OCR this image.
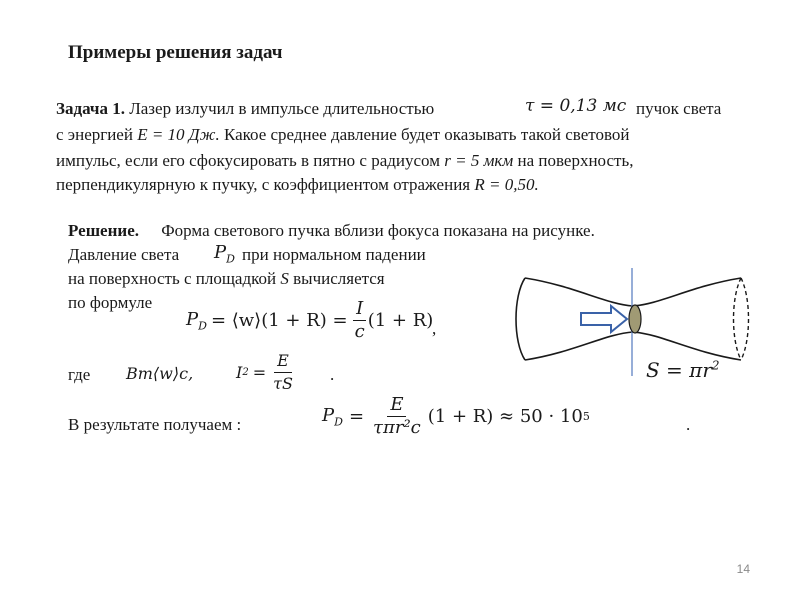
Примеры решения задач
Задача 1. Лазер излучил в импульсе длительностью	τ = 0,13 мс пучок света
с энергией E = 10 Дж. Какое среднее давление будет оказывать такой световой
импульс, если его сфокусировать в пятно с радиусом r = 5 мкм на поверхность,
перпендикулярную к пучку, с коэффициентом отражения R = 0,50.
Решение. Форма светового пучка вблизи фокуса показана на рисунке.
Давление света $P_D$ при нормальном падении
на поверхность с площадкой S вычисляется
по формуле
$P_D$ = ⟨w⟩(1 + $R) = \frac{I}{c} (1 + R)$
,
где Bm⟨w⟩c,	I $2 = \frac{E}{\tau S}$ .
В результате получаем :	$P_D = \frac{E}{\text{τπr²c}} (1 + R) \approx 50 \cdot 10$ 5	.
$S = \pi r^2$
14
